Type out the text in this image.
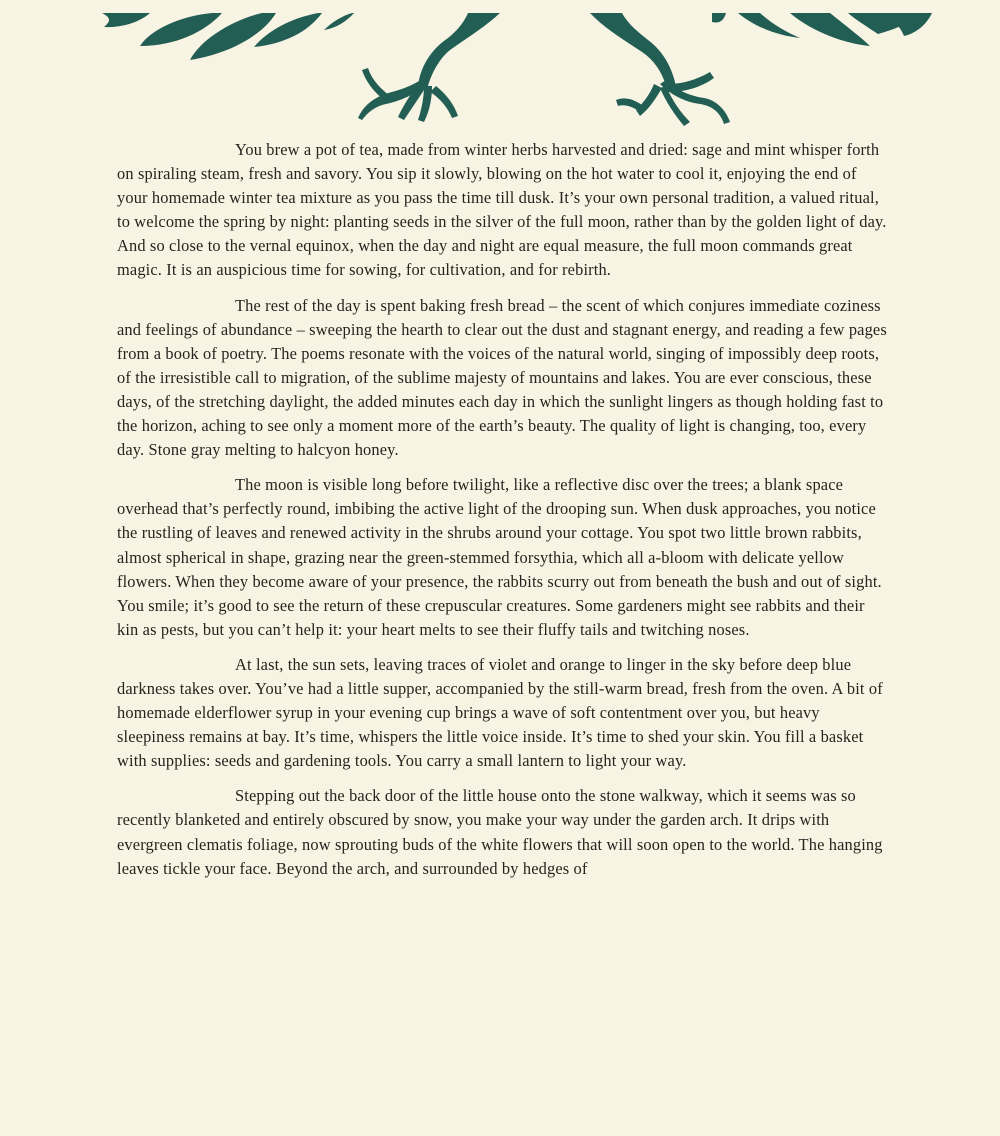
You brew a pot of tea, made from winter herbs harvested and dried: sage and mint whisper forth on spiraling steam, fresh and savory. You sip it slowly, blowing on the hot water to cool it, enjoying the end of your homemade winter tea mixture as you pass the time till dusk. It’s your own personal tradition, a valued ritual, to welcome the spring by night: planting seeds in the silver of the full moon, rather than by the golden light of day. And so close to the vernal equinox, when the day and night are equal measure, the full moon commands great magic. It is an auspicious time for sowing, for cultivation, and for rebirth.

The rest of the day is spent baking fresh bread – the scent of which conjures immediate coziness and feelings of abundance – sweeping the hearth to clear out the dust and stagnant energy, and reading a few pages from a book of poetry. The poems resonate with the voices of the natural world, singing of impossibly deep roots, of the irresistible call to migration, of the sublime majesty of mountains and lakes. You are ever conscious, these days, of the stretching daylight, the added minutes each day in which the sunlight lingers as though holding fast to the horizon, aching to see only a moment more of the earth’s beauty. The quality of light is changing, too, every day. Stone gray melting to halcyon honey.

The moon is visible long before twilight, like a reflective disc over the trees; a blank space overhead that’s perfectly round, imbibing the active light of the drooping sun. When dusk approaches, you notice the rustling of leaves and renewed activity in the shrubs around your cottage. You spot two little brown rabbits, almost spherical in shape, grazing near the green-stemmed forsythia, which all a-bloom with delicate yellow flowers. When they become aware of your presence, the rabbits scurry out from beneath the bush and out of sight. You smile; it’s good to see the return of these crepuscular creatures. Some gardeners might see rabbits and their kin as pests, but you can’t help it: your heart melts to see their fluffy tails and twitching noses.

At last, the sun sets, leaving traces of violet and orange to linger in the sky before deep blue darkness takes over. You’ve had a little supper, accompanied by the still-warm bread, fresh from the oven. A bit of homemade elderflower syrup in your evening cup brings a wave of soft contentment over you, but heavy sleepiness remains at bay. It’s time, whispers the little voice inside. It’s time to shed your skin. You fill a basket with supplies: seeds and gardening tools. You carry a small lantern to light your way.

Stepping out the back door of the little house onto the stone walkway, which it seems was so recently blanketed and entirely obscured by snow, you make your way under the garden arch. It drips with evergreen clematis foliage, now sprouting buds of the white flowers that will soon open to the world. The hanging leaves tickle your face. Beyond the arch, and surrounded by hedges of
